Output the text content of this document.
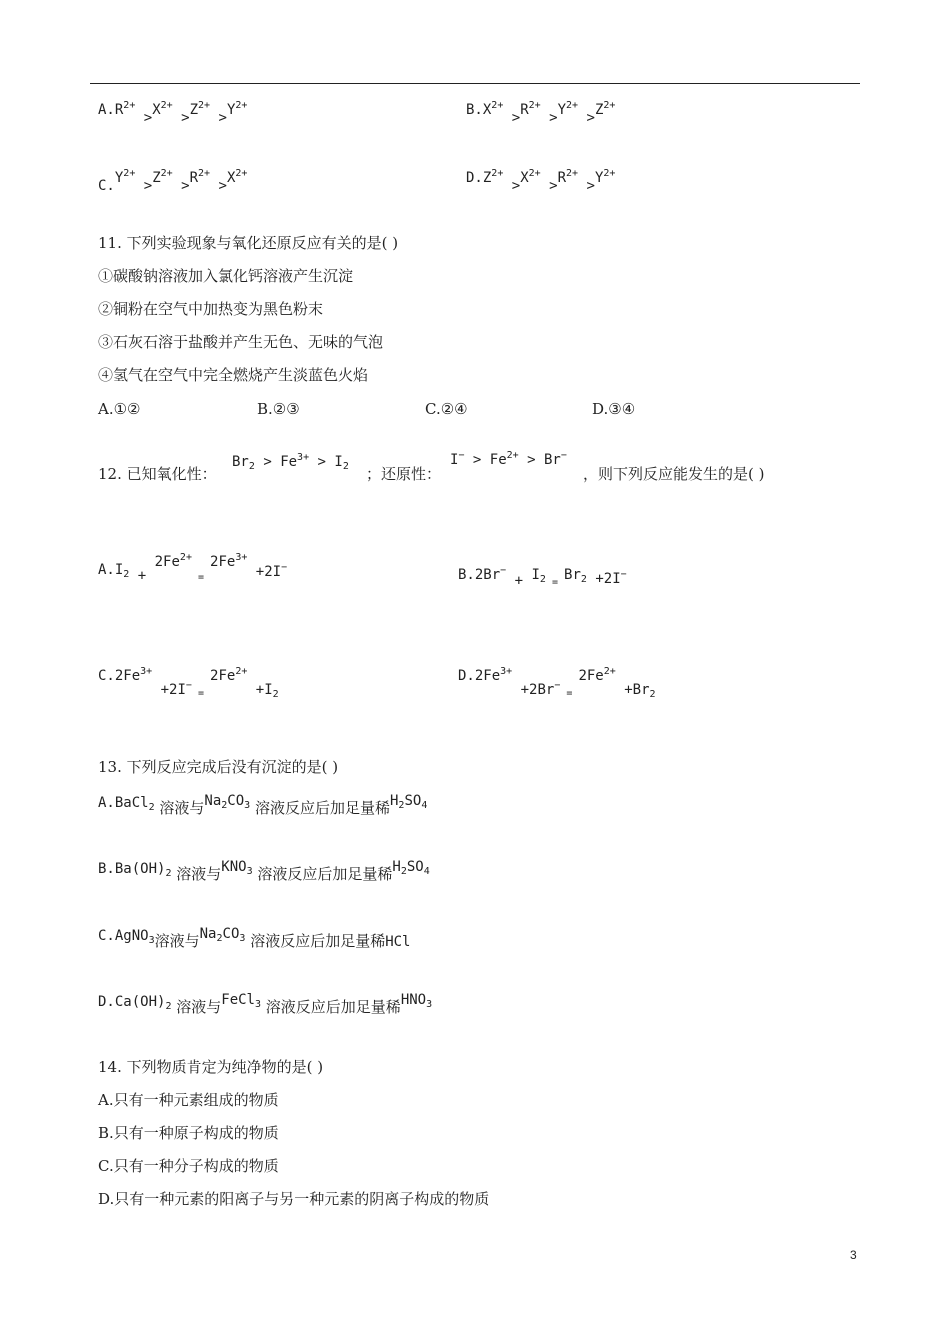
$A.R^{2+} >X^{2+} >Z^{2+} >Y^{2+}$	$B.X^{2+} >R^{2+} >Y^{2+} >Z^{2+}$
$C.Y^{2+} >Z^{2+} >R^{2+} >X^{2+}$	$D.Z^{2+} >X^{2+} >R^{2+} >Y^{2+}$
11. 下列实验现象与氧化还原反应有关的是( )
①碳酸钠溶液加入氯化钙溶液产生沉淀
②铜粉在空气中加热变为黑色粉末
③石灰石溶于盐酸并产生无色、无味的气泡
④氢气在空气中完全燃烧产生淡蓝色火焰
A.①②	B.②③	C.②④	D.③④
12. 已知氧化性：
$Br_2 > Fe^{3+} > I_2$ ；还原性：
$I^- > Fe^{2+} > Br^-$
，则下列反应能发生的是( )
$A.I_2 + 2Fe^{2+}$ $_=$ $2Fe^{3+} +2I^-$	$B.2Br^- + I_2$ $_=$ $Br_2 +2I^-$
$C.2Fe^{3+} +2I^-$ $_=$ $2Fe^{2+} +I_2$
$D.2Fe^{3+} +2Br^-$ $_=$ $2Fe^{2+} +Br_2$
13. 下列反应完成后没有沉淀的是( )
A.BaCl$_2$ 溶液与$Na_2CO_3$ 溶液反应后加足量稀$H_2SO_4$
$B.Ba(OH)_2$ 溶液与$KNO_3$ 溶液反应后加足量稀$H_2SO_4$
C.AgNO$_3$溶液与$Na_2CO_3$ 溶液反应后加足量稀HCl
$D.Ca(OH)_2$ 溶液与FeCl$_3$ 溶液反应后加足量稀$HNO_3$
14. 下列物质肯定为纯净物的是( )
A.只有一种元素组成的物质
B.只有一种原子构成的物质
C.只有一种分子构成的物质
D.只有一种元素的阳离子与另一种元素的阴离子构成的物质
3
